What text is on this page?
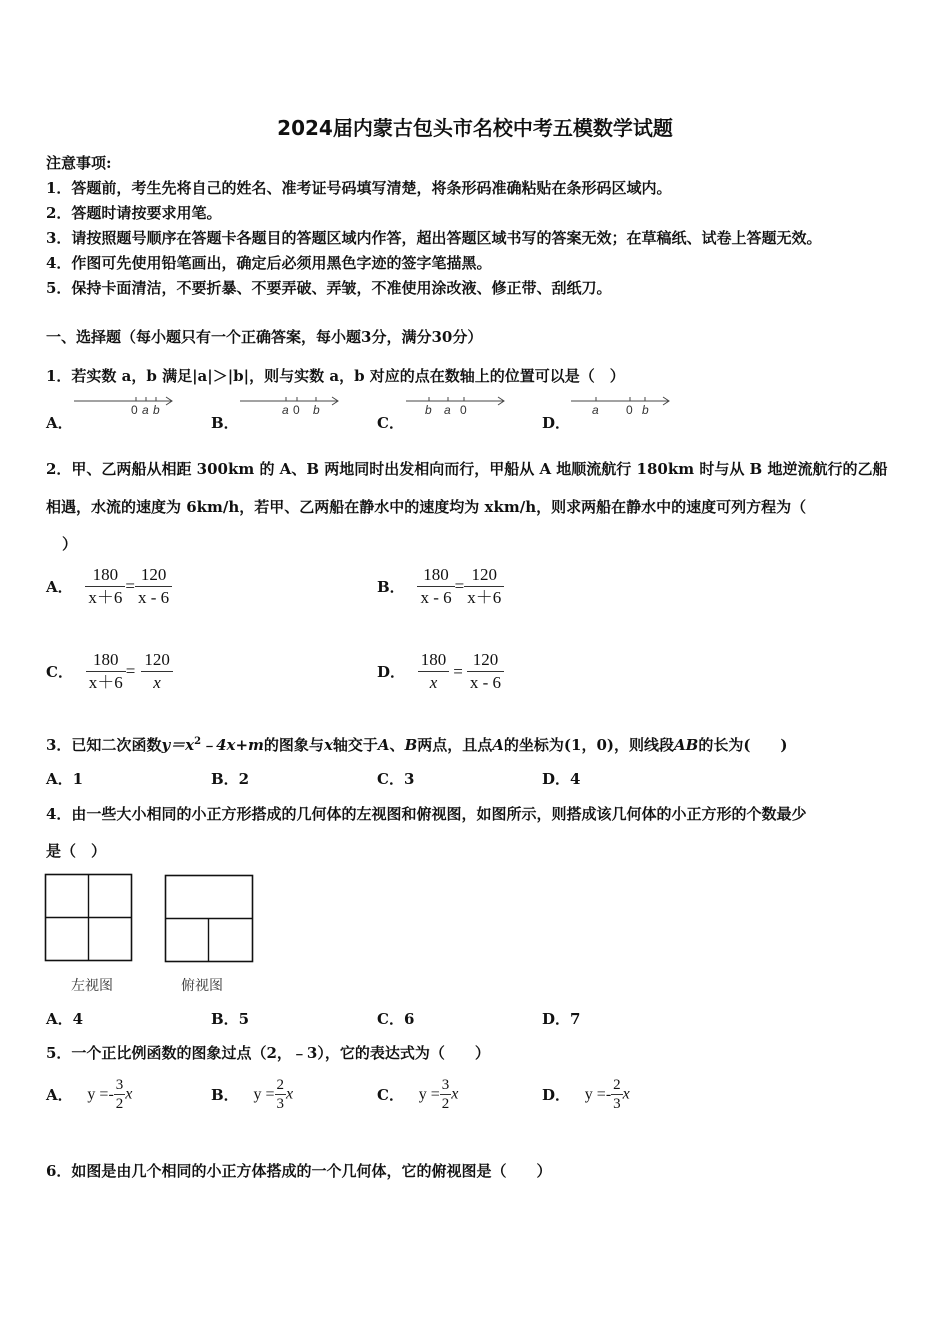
2024届内蒙古包头市名校中考五模数学试题
注意事项:
1．答题前，考生先将自己的姓名、准考证号码填写清楚，将条形码准确粘贴在条形码区域内。
2．答题时请按要求用笔。
3．请按照题号顺序在答题卡各题目的答题区域内作答，超出答题区域书写的答案无效；在草稿纸、试卷上答题无效。
4．作图可先使用铅笔画出，确定后必须用黑色字迹的签字笔描黑。
5．保持卡面清洁，不要折暴、不要弄破、弄皱，不准使用涂改液、修正带、刮纸刀。
一、选择题（每小题只有一个正确答案，每小题3分，满分30分）
1．若实数 a，b 满足|a|＞|b|，则与实数 a，b 对应的点在数轴上的位置可以是（　）
A．
0 a b
B．
a 0 b
C．
b a 0
D．
a 0 b
2．甲、乙两船从相距 300km 的 A、B 两地同时出发相向而行，甲船从 A 地顺流航行 180km 时与从 B 地逆流航行的乙船
相遇，水流的速度为 6km/h，若甲、乙两船在静水中的速度均为 xkm/h，则求两船在静水中的速度可列方程为（
）
A． $\frac{180}{x+6} = \frac{120}{x - 6}$	B． $\frac{180}{x - 6} = \frac{120}{x+6}$
C． $\frac{180}{x+6} = \frac{120}{x}$	D． $\frac{180}{x} = \frac{120}{x - 6}$
3．已知二次函数$y=x^2﹣4x+m$的图象与x轴交于A、B两点，且点A的坐标为(1，0)，则线段AB的长为(　　)
A．1	B．2	C．3	D．4
4．由一些大小相同的小正方形搭成的几何体的左视图和俯视图，如图所示，则搭成该几何体的小正方形的个数最少
是（　）
左视图	俯视图
A．4	B．5	C．6	D．7
5．一个正比例函数的图象过点（2，﹣3），它的表达式为（　　）
A． $y =- \frac{3}{2}$ x	B． $y = \frac{2}{3}$ x	C． $y = \frac{3}{2}$ x	D． $y =- \frac{2}{3}$ x
6．如图是由几个相同的小正方体搭成的一个几何体，它的俯视图是（　　）
